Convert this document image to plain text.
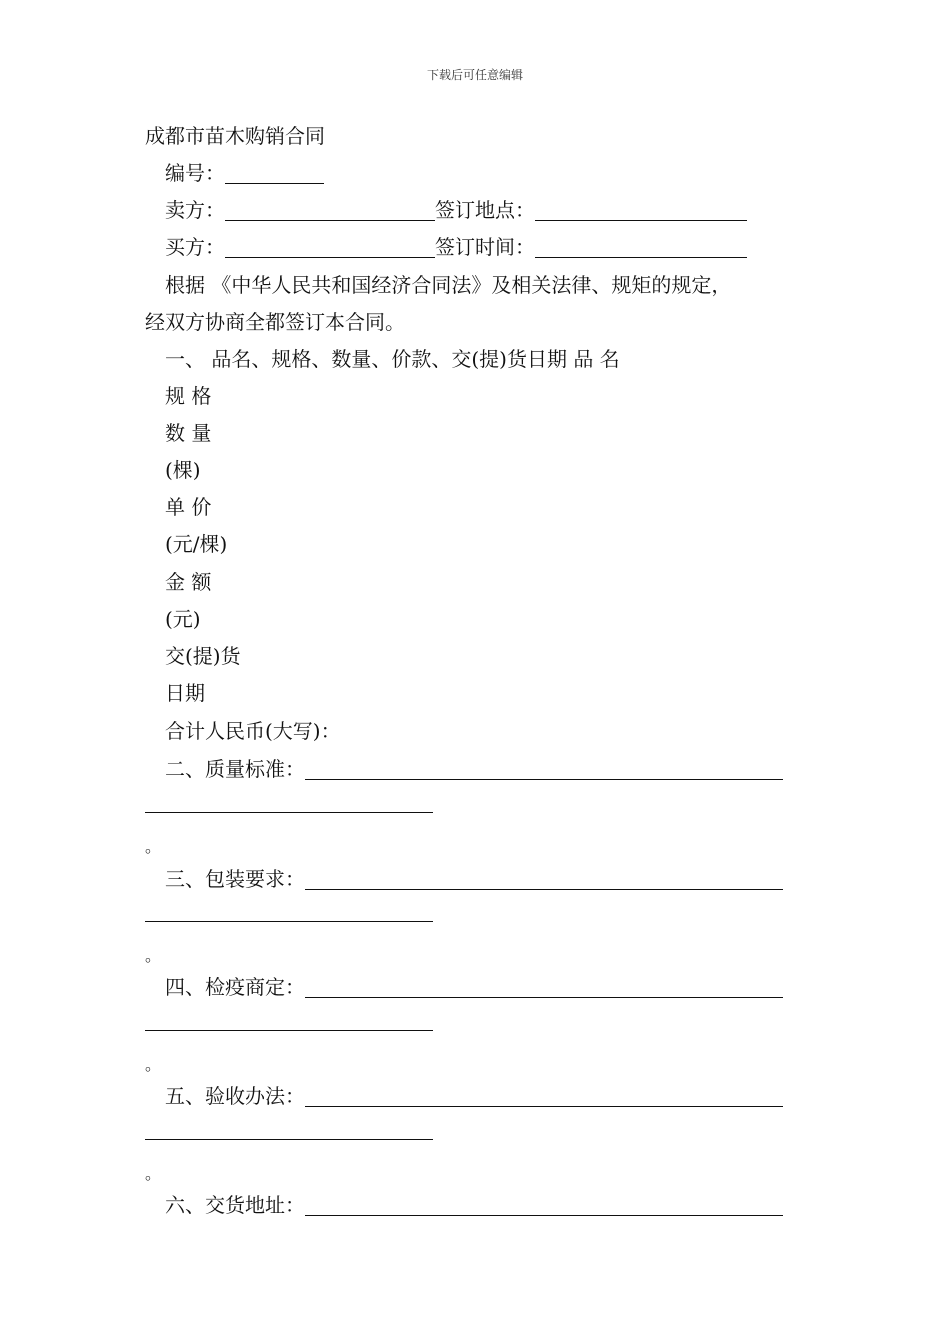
下载后可任意编辑
成都市苗木购销合同
编号：
卖方：	签订地点：
买方：	签订时间：
根据 《中华人民共和国经济合同法》及相关法律、规矩的规定，
经双方协商全都签订本合同。
一、 品名、规格、数量、价款、交(提)货日期 品 名
规 格
数 量
(棵)
单 价
(元/棵)
金 额
(元)
交(提)货
日期
合计人民币(大写)：
二、质量标准：
。
三、包装要求：
。
四、检疫商定：
。
五、验收办法：
。
六、交货地址：
